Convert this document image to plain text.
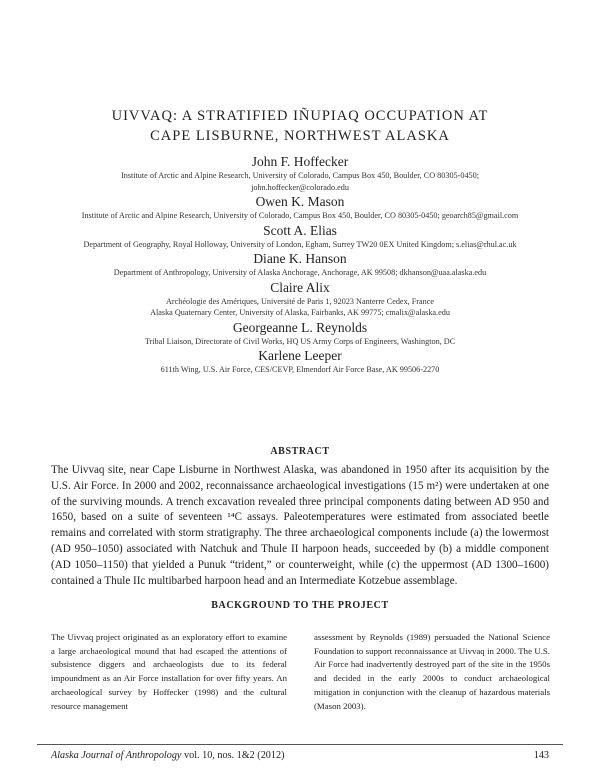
UIVVAQ: A STRATIFIED IÑUPIAQ OCCUPATION AT
CAPE LISBURNE, NORTHWEST ALASKA
John F. Hoffecker
Institute of Arctic and Alpine Research, University of Colorado, Campus Box 450, Boulder, CO 80305-0450;
john.hoffecker@colorado.edu
Owen K. Mason
Institute of Arctic and Alpine Research, University of Colorado, Campus Box 450, Boulder, CO 80305-0450; geoarch85@gmail.com
Scott A. Elias
Department of Geography, Royal Holloway, University of London, Egham, Surrey TW20 0EX United Kingdom; s.elias@rhul.ac.uk
Diane K. Hanson
Department of Anthropology, University of Alaska Anchorage, Anchorage, AK 99508; dkhanson@uaa.alaska.edu
Claire Alix
Archéologie des Amériques, Université de Paris 1, 92023 Nanterre Cedex, France
Alaska Quaternary Center, University of Alaska, Fairbanks, AK 99775; cmalix@alaska.edu
Georgeanne L. Reynolds
Tribal Liaison, Directorate of Civil Works, HQ US Army Corps of Engineers, Washington, DC
Karlene Leeper
611th Wing, U.S. Air Force, CES/CEVP, Elmendorf Air Force Base, AK 99506-2270
ABSTRACT

The Uivvaq site, near Cape Lisburne in Northwest Alaska, was abandoned in 1950 after its acquisition by the U.S. Air Force. In 2000 and 2002, reconnaissance archaeological investigations (15 m²) were undertaken at one of the surviving mounds. A trench excavation revealed three principal components dating between AD 950 and 1650, based on a suite of seventeen ¹⁴C assays. Paleotemperatures were estimated from associated beetle remains and correlated with storm stratigraphy. The three archaeological components include (a) the lowermost (AD 950–1050) associated with Natchuk and Thule II harpoon heads, succeeded by (b) a middle component (AD 1050–1150) that yielded a Punuk “trident,” or counterweight, while (c) the uppermost (AD 1300–1600) contained a Thule IIc multibarbed harpoon head and an Intermediate Kotzebue assemblage.

BACKGROUND TO THE PROJECT

The Uivvaq project originated as an exploratory effort to examine a large archaeological mound that had escaped the attentions of subsistence diggers and archaeologists due to its federal impoundment as an Air Force installation for over fifty years. An archaeological survey by Hoffecker (1998) and the cultural resource management

assessment by Reynolds (1989) persuaded the National Science Foundation to support reconnaissance at Uivvaq in 2000. The U.S. Air Force had inadvertently destroyed part of the site in the 1950s and decided in the early 2000s to conduct archaeological mitigation in conjunction with the cleanup of hazardous materials (Mason 2003).

Alaska Journal of Anthropology vol. 10, nos. 1&2 (2012)	143
